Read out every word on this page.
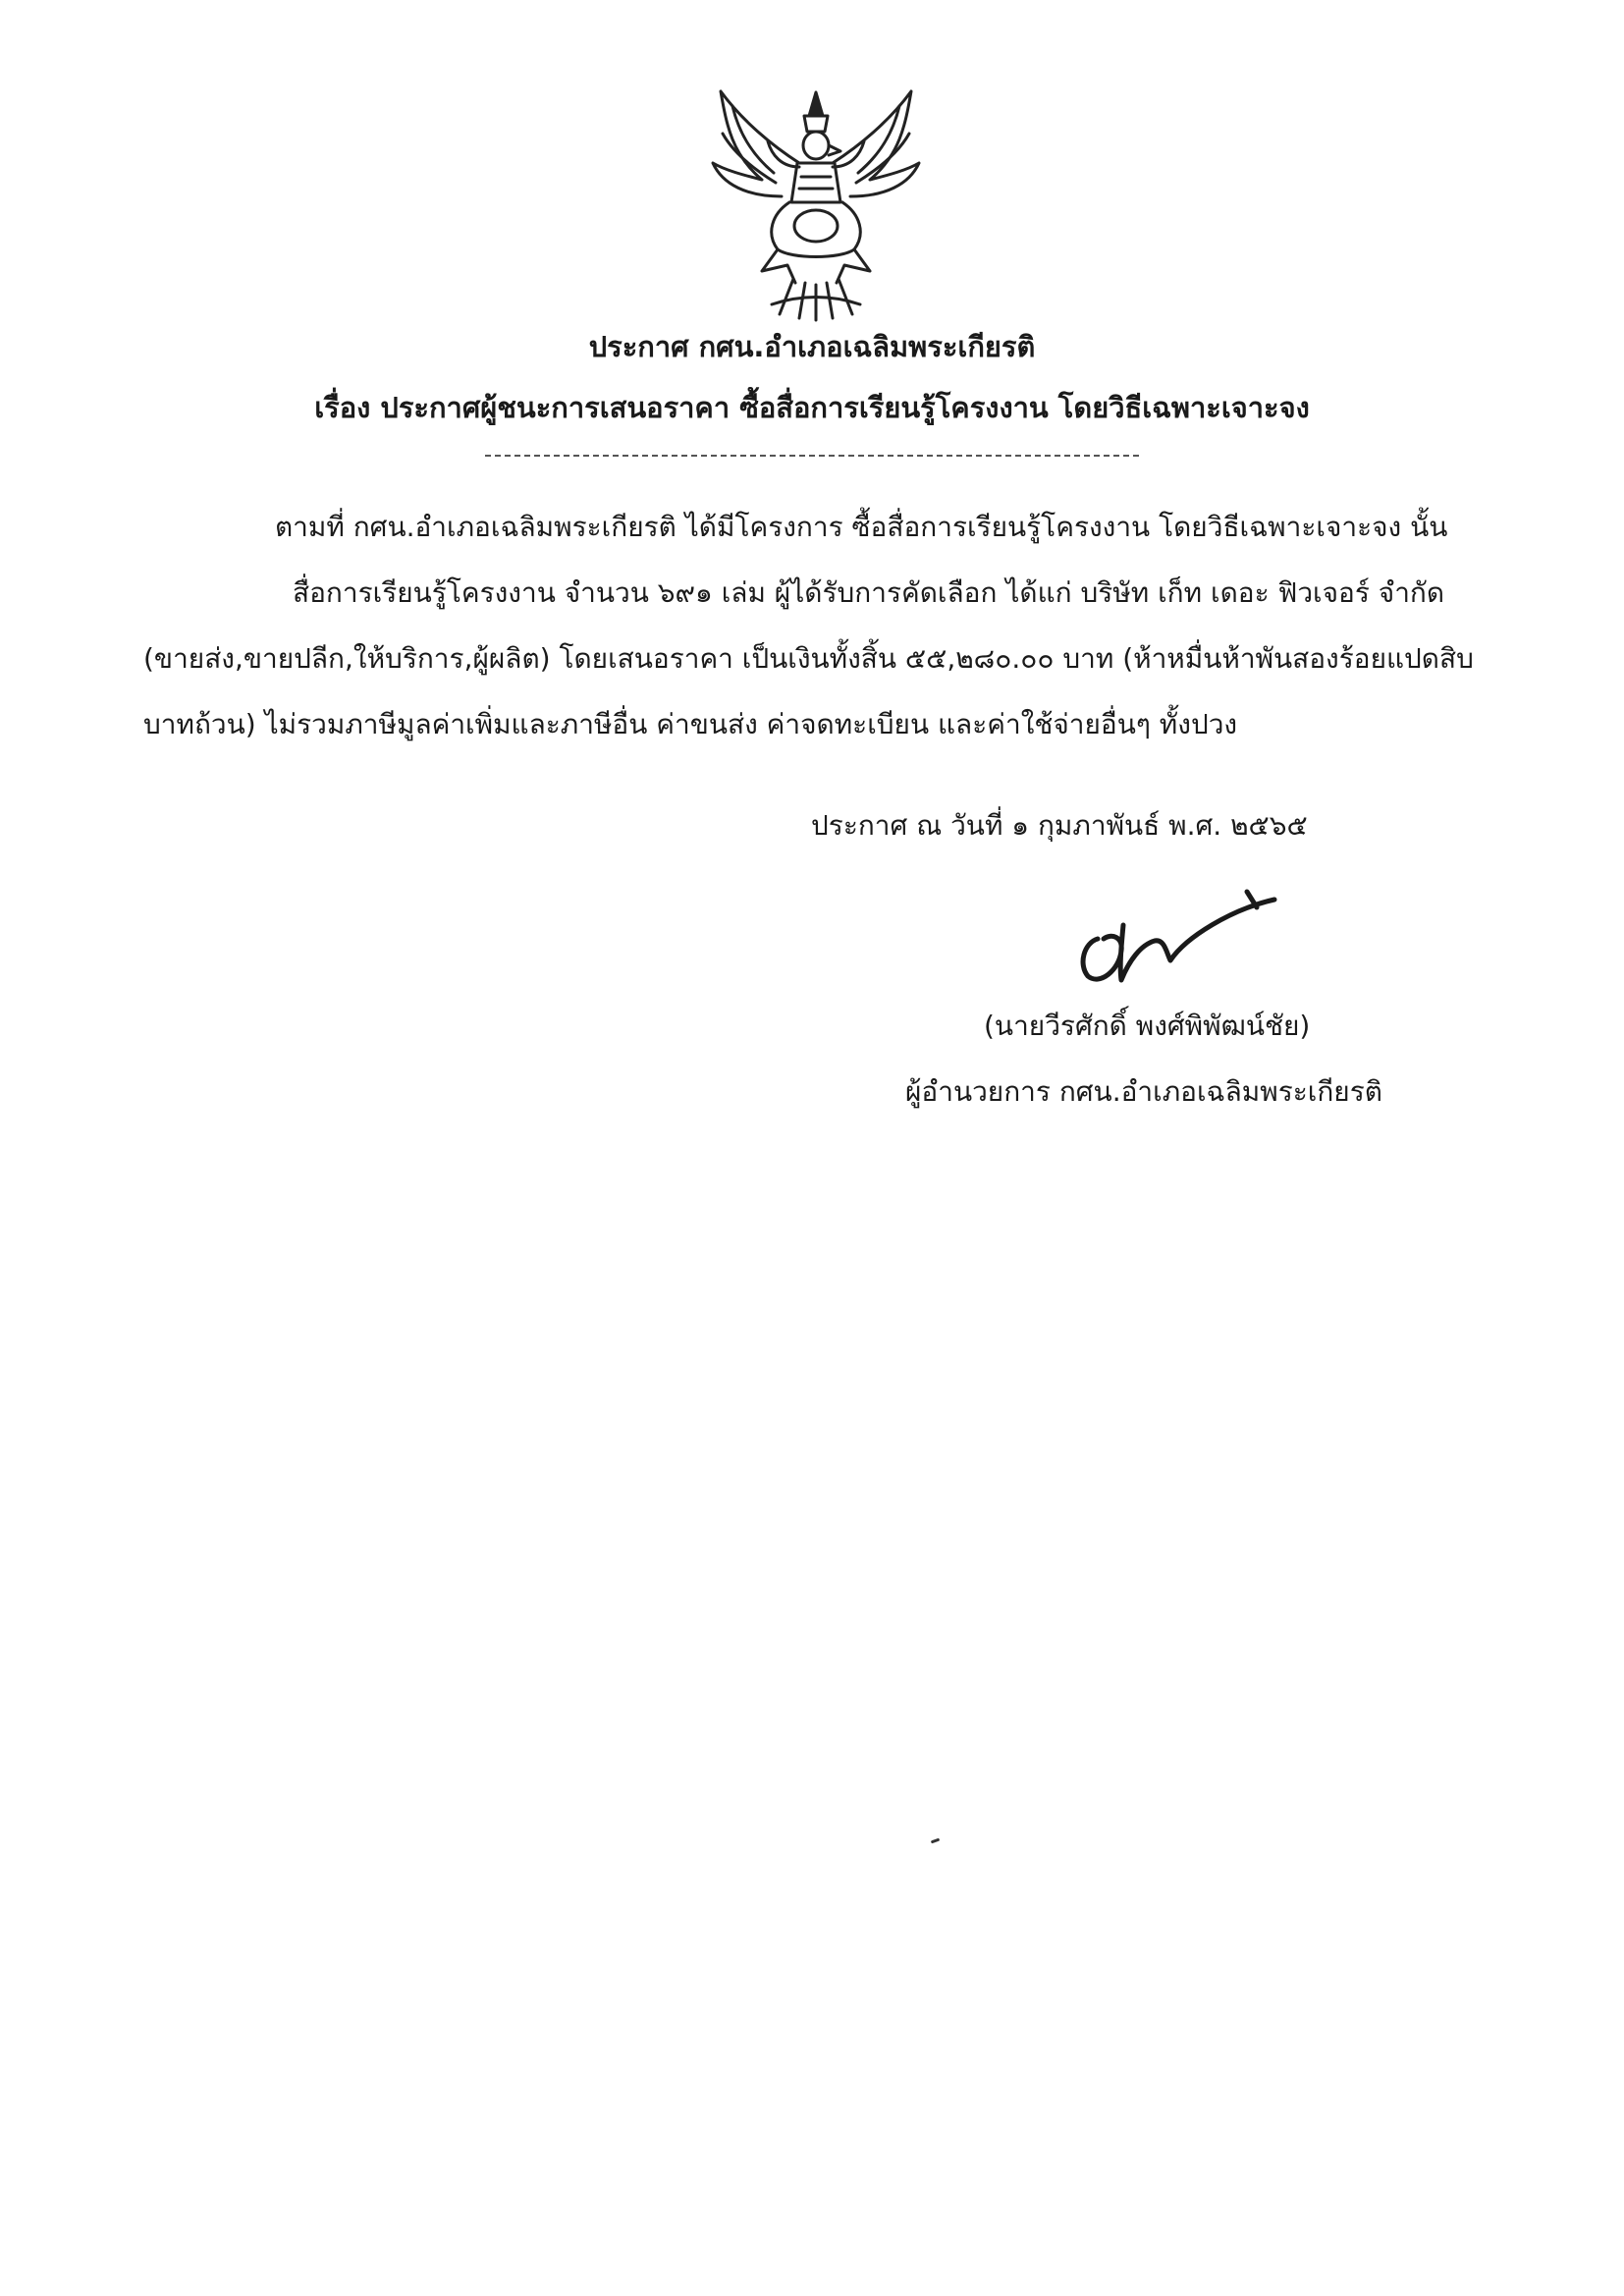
ประกาศ กศน.อำเภอเฉลิมพระเกียรติ
เรื่อง ประกาศผู้ชนะการเสนอราคา ซื้อสื่อการเรียนรู้โครงงาน โดยวิธีเฉพาะเจาะจง
ตามที่ กศน.อำเภอเฉลิมพระเกียรติ ได้มีโครงการ ซื้อสื่อการเรียนรู้โครงงาน โดยวิธีเฉพาะเจาะจง นั้น
สื่อการเรียนรู้โครงงาน จำนวน ๖๙๑ เล่ม ผู้ได้รับการคัดเลือก ได้แก่ บริษัท เก็ท เดอะ ฟิวเจอร์ จำกัด
(ขายส่ง,ขายปลีก,ให้บริการ,ผู้ผลิต) โดยเสนอราคา เป็นเงินทั้งสิ้น ๕๕,๒๘๐.๐๐ บาท (ห้าหมื่นห้าพันสองร้อยแปดสิบ
บาทถ้วน) ไม่รวมภาษีมูลค่าเพิ่มและภาษีอื่น ค่าขนส่ง ค่าจดทะเบียน และค่าใช้จ่ายอื่นๆ ทั้งปวง
ประกาศ ณ วันที่ ๑ กุมภาพันธ์ พ.ศ. ๒๕๖๕
(นายวีรศักดิ์ พงศ์พิพัฒน์ชัย)
ผู้อำนวยการ กศน.อำเภอเฉลิมพระเกียรติ
